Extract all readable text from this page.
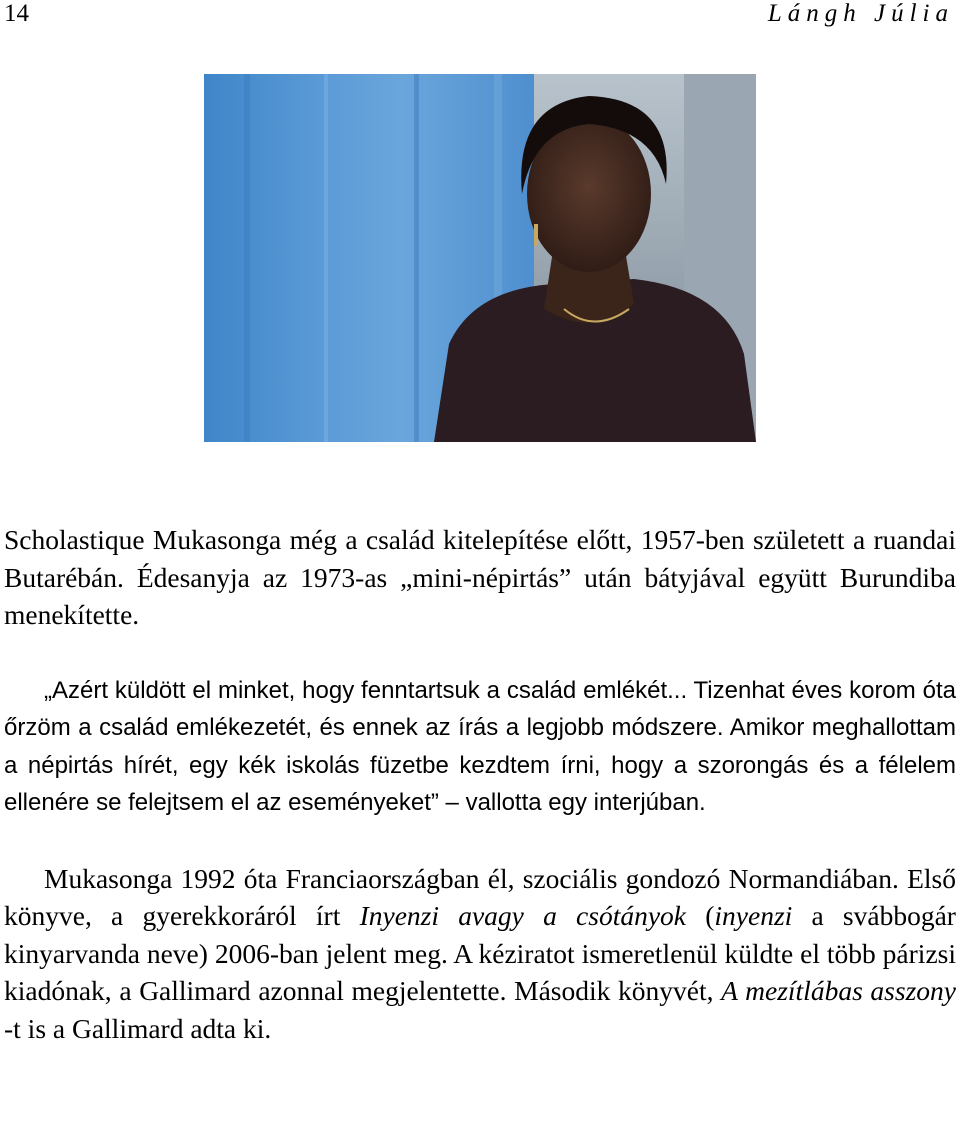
14	Lángh Júlia

Scholastique Mukasonga még a család kitelepítése előtt, 1957-ben született a ruandai Butarébán. Édesanyja az 1973-as „mini-népirtás” után bátyjával együtt Burundiba menekítette.

„Azért küldött el minket, hogy fenntartsuk a család emlékét... Tizenhat éves korom óta őrzöm a család emlékezetét, és ennek az írás a legjobb módszere. Amikor meghallottam a népirtás hírét, egy kék iskolás füzetbe kezdtem írni, hogy a szorongás és a félelem ellenére se felejtsem el az eseményeket” – vallotta egy interjúban.

Mukasonga 1992 óta Franciaországban él, szociális gondozó Normandiában. Első könyve, a gyerekkoráról írt Inyenzi avagy a csótányok (inyenzi a svábbogár kinyarvanda neve) 2006-ban jelent meg. A kéziratot ismeretlenül küldte el több párizsi kiadónak, a Gallimard azonnal megjelentette. Második könyvét, A mezítlábas asszony -t is a Gallimard adta ki.
